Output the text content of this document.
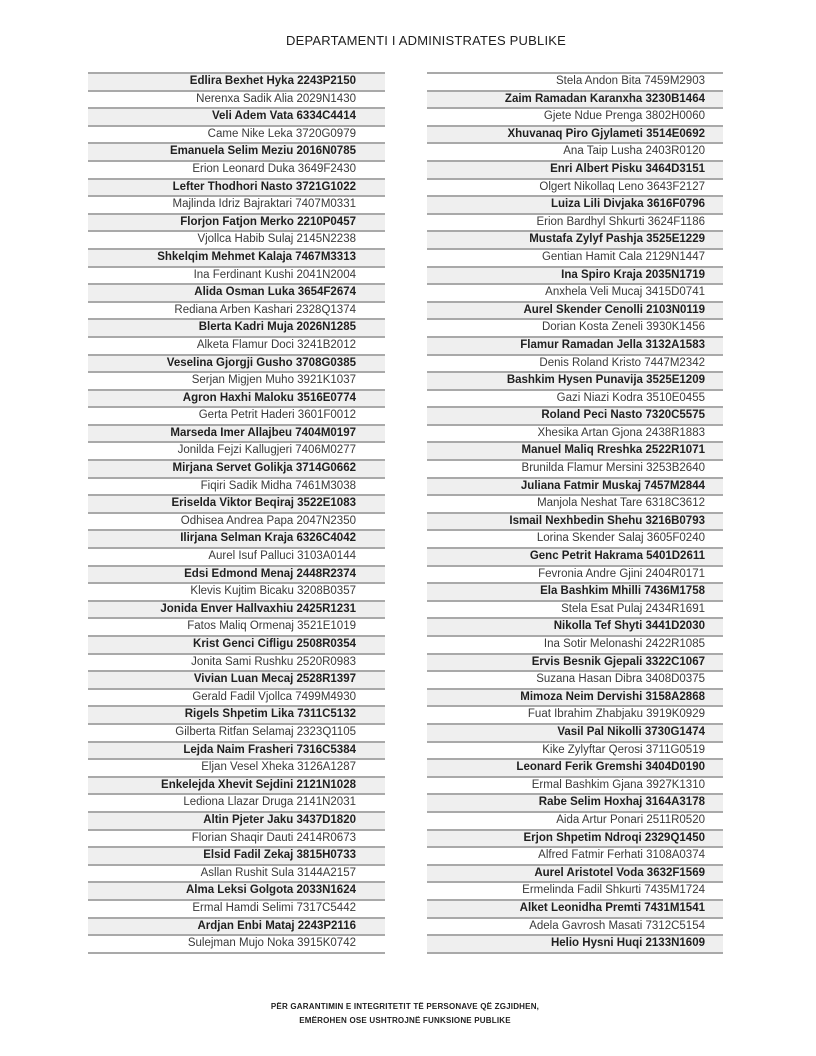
DEPARTAMENTI I ADMINISTRATES PUBLIKE
Edlira Bexhet Hyka 2243P2150
Nerenxa Sadik Alia 2029N1430
Veli Adem Vata 6334C4414
Came Nike Leka 3720G0979
Emanuela Selim Meziu 2016N0785
Erion Leonard Duka 3649F2430
Lefter Thodhori Nasto 3721G1022
Majlinda Idriz Bajraktari 7407M0331
Florjon Fatjon Merko 2210P0457
Vjollca Habib Sulaj 2145N2238
Shkelqim Mehmet Kalaja 7467M3313
Ina Ferdinant Kushi 2041N2004
Alida Osman Luka 3654F2674
Rediana Arben Kashari 2328Q1374
Blerta Kadri Muja 2026N1285
Alketa Flamur Doci 3241B2012
Veselina Gjorgji Gusho 3708G0385
Serjan Migjen Muho 3921K1037
Agron Haxhi Maloku 3516E0774
Gerta Petrit Haderi 3601F0012
Marseda Imer Allajbeu 7404M0197
Jonilda Fejzi Kallugjeri 7406M0277
Mirjana Servet Golikja 3714G0662
Fiqiri Sadik Midha 7461M3038
Eriselda Viktor Beqiraj 3522E1083
Odhisea Andrea Papa 2047N2350
Ilirjana Selman Kraja 6326C4042
Aurel Isuf Palluci 3103A0144
Edsi Edmond Menaj 2448R2374
Klevis Kujtim Bicaku 3208B0357
Jonida Enver Hallvaxhiu 2425R1231
Fatos Maliq Ormenaj 3521E1019
Krist Genci Cifligu 2508R0354
Jonita Sami Rushku 2520R0983
Vivian Luan Mecaj 2528R1397
Gerald Fadil Vjollca 7499M4930
Rigels Shpetim Lika 7311C5132
Gilberta Ritfan Selamaj 2323Q1105
Lejda Naim Frasheri 7316C5384
Eljan Vesel Xheka 3126A1287
Enkelejda Xhevit Sejdini 2121N1028
Lediona Llazar Druga 2141N2031
Altin Pjeter Jaku 3437D1820
Florian Shaqir Dauti 2414R0673
Elsid Fadil Zekaj 3815H0733
Asllan Rushit Sula 3144A2157
Alma Leksi Golgota 2033N1624
Ermal Hamdi Selimi 7317C5442
Ardjan Enbi Mataj 2243P2116
Sulejman Mujo Noka 3915K0742
Stela Andon Bita 7459M2903
Zaim Ramadan Karanxha 3230B1464
Gjete Ndue Prenga 3802H0060
Xhuvanaq Piro Gjylameti 3514E0692
Ana Taip Lusha 2403R0120
Enri Albert Pisku 3464D3151
Olgert Nikollaq Leno 3643F2127
Luiza Lili Divjaka 3616F0796
Erion Bardhyl Shkurti 3624F1186
Mustafa Zylyf Pashja 3525E1229
Gentian Hamit Cala 2129N1447
Ina Spiro Kraja 2035N1719
Anxhela Veli Mucaj 3415D0741
Aurel Skender Cenolli 2103N0119
Dorian Kosta Zeneli 3930K1456
Flamur Ramadan Jella 3132A1583
Denis Roland Kristo 7447M2342
Bashkim Hysen Punavija 3525E1209
Gazi Niazi Kodra 3510E0455
Roland Peci Nasto 7320C5575
Xhesika Artan Gjona 2438R1883
Manuel Maliq Rreshka 2522R1071
Brunilda Flamur Mersini 3253B2640
Juliana Fatmir Muskaj 7457M2844
Manjola Neshat Tare 6318C3612
Ismail Nexhbedin Shehu 3216B0793
Lorina Skender Salaj 3605F0240
Genc Petrit Hakrama 5401D2611
Fevronia Andre Gjini 2404R0171
Ela Bashkim Mhilli 7436M1758
Stela Esat Pulaj 2434R1691
Nikolla Tef Shyti 3441D2030
Ina Sotir Melonashi 2422R1085
Ervis Besnik Gjepali 3322C1067
Suzana Hasan Dibra 3408D0375
Mimoza Neim Dervishi 3158A2868
Fuat Ibrahim Zhabjaku 3919K0929
Vasil Pal Nikolli 3730G1474
Kike Zylyftar Qerosi 3711G0519
Leonard Ferik Gremshi 3404D0190
Ermal Bashkim Gjana 3927K1310
Rabe Selim Hoxhaj 3164A3178
Aida Artur Ponari 2511R0520
Erjon Shpetim Ndroqi 2329Q1450
Alfred Fatmir Ferhati 3108A0374
Aurel Aristotel Voda 3632F1569
Ermelinda Fadil Shkurti 7435M1724
Alket Leonidha Premti 7431M1541
Adela Gavrosh Masati 7312C5154
Helio Hysni Huqi 2133N1609
PËR GARANTIMIN E INTEGRITETIT TË PERSONAVE QË ZGJIDHEN,
EMËROHEN OSE USHTROJNË FUNKSIONE PUBLIKE
